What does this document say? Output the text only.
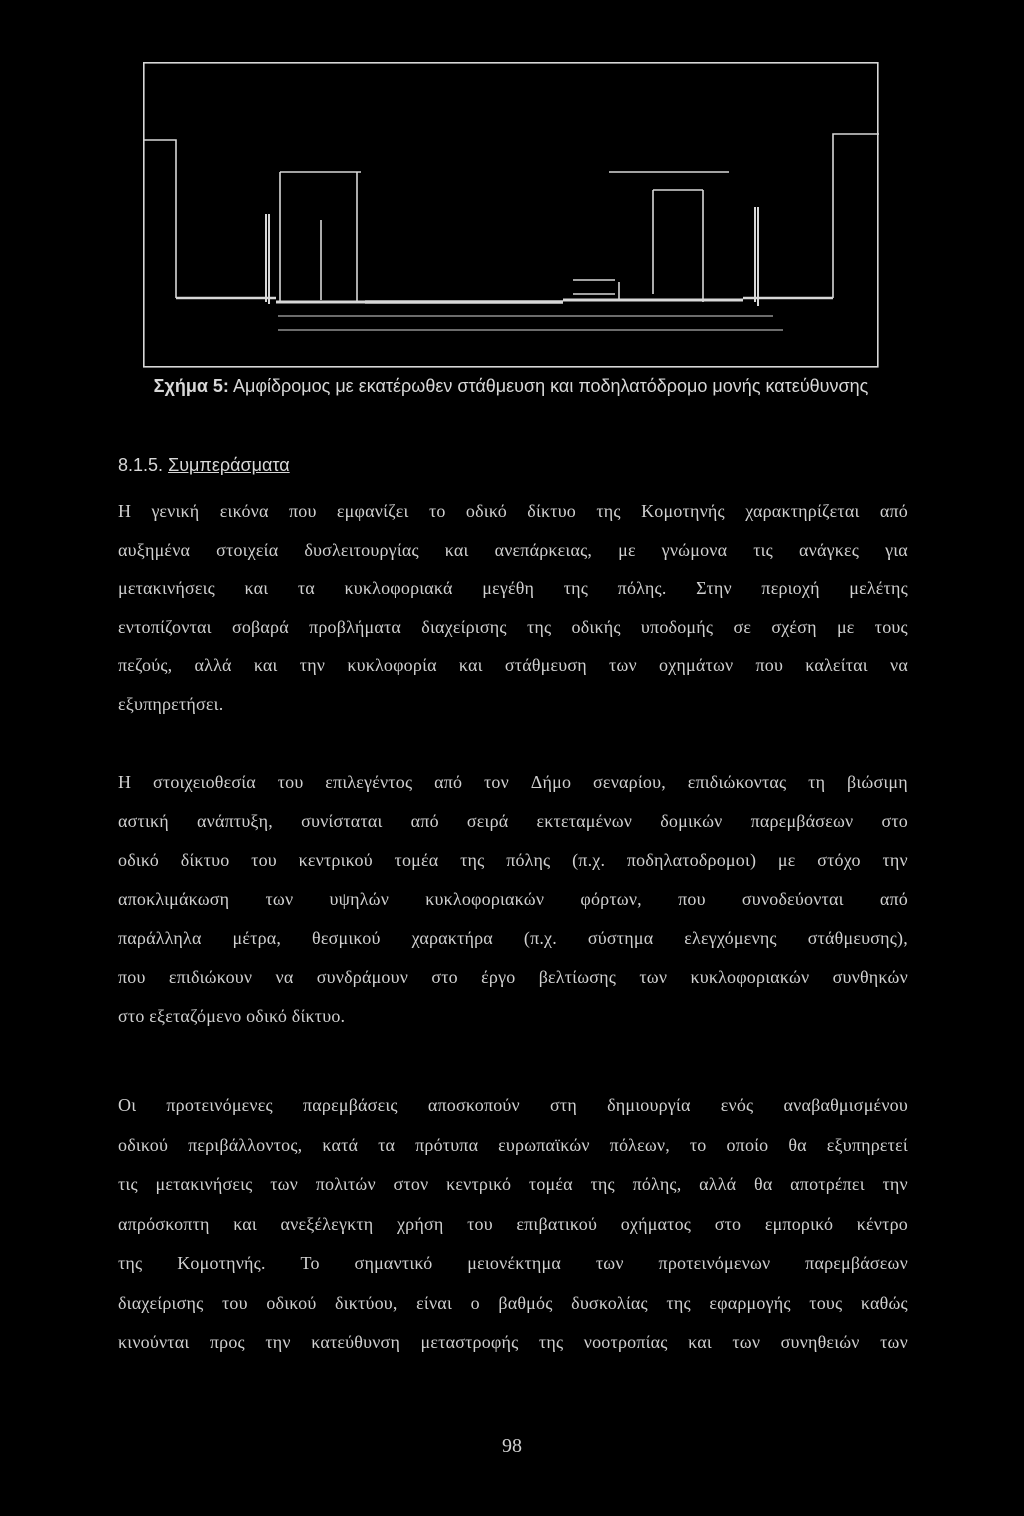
Σχήμα 5: Αμφίδρομος με εκατέρωθεν στάθμευση και ποδηλατόδρομο μονής κατεύθυνσης
8.1.5. Συμπεράσματα
Η γενική εικόνα που εμφανίζει το οδικό δίκτυο της Κομοτηνής χαρακτηρίζεται από
αυξημένα στοιχεία δυσλειτουργίας και ανεπάρκειας, με γνώμονα τις ανάγκες για
μετακινήσεις και τα κυκλοφοριακά μεγέθη της πόλης. Στην περιοχή μελέτης
εντοπίζονται σοβαρά προβλήματα διαχείρισης της οδικής υποδομής σε σχέση με τους
πεζούς, αλλά και την κυκλοφορία και στάθμευση των οχημάτων που καλείται να
εξυπηρετήσει.
Η στοιχειοθεσία του επιλεγέντος από τον Δήμο σεναρίου, επιδιώκοντας τη βιώσιμη
αστική ανάπτυξη, συνίσταται από σειρά εκτεταμένων δομικών παρεμβάσεων στο
οδικό δίκτυο του κεντρικού τομέα της πόλης (π.χ. ποδηλατοδρομοι) με στόχο την
αποκλιμάκωση των υψηλών κυκλοφοριακών φόρτων, που συνοδεύονται από
παράλληλα μέτρα, θεσμικού χαρακτήρα (π.χ. σύστημα ελεγχόμενης στάθμευσης),
που επιδιώκουν να συνδράμουν στο έργο βελτίωσης των κυκλοφοριακών συνθηκών
στο εξεταζόμενο οδικό δίκτυο.
Οι προτεινόμενες παρεμβάσεις αποσκοπούν στη δημιουργία ενός αναβαθμισμένου
οδικού περιβάλλοντος, κατά τα πρότυπα ευρωπαϊκών πόλεων, το οποίο θα εξυπηρετεί
τις μετακινήσεις των πολιτών στον κεντρικό τομέα της πόλης, αλλά θα αποτρέπει την
απρόσκοπτη και ανεξέλεγκτη χρήση του επιβατικού οχήματος στο εμπορικό κέντρο
της Κομοτηνής. Το σημαντικό μειονέκτημα των προτεινόμενων παρεμβάσεων
διαχείρισης του οδικού δικτύου, είναι ο βαθμός δυσκολίας της εφαρμογής τους καθώς
κινούνται προς την κατεύθυνση μεταστροφής της νοοτροπίας και των συνηθειών των
98
